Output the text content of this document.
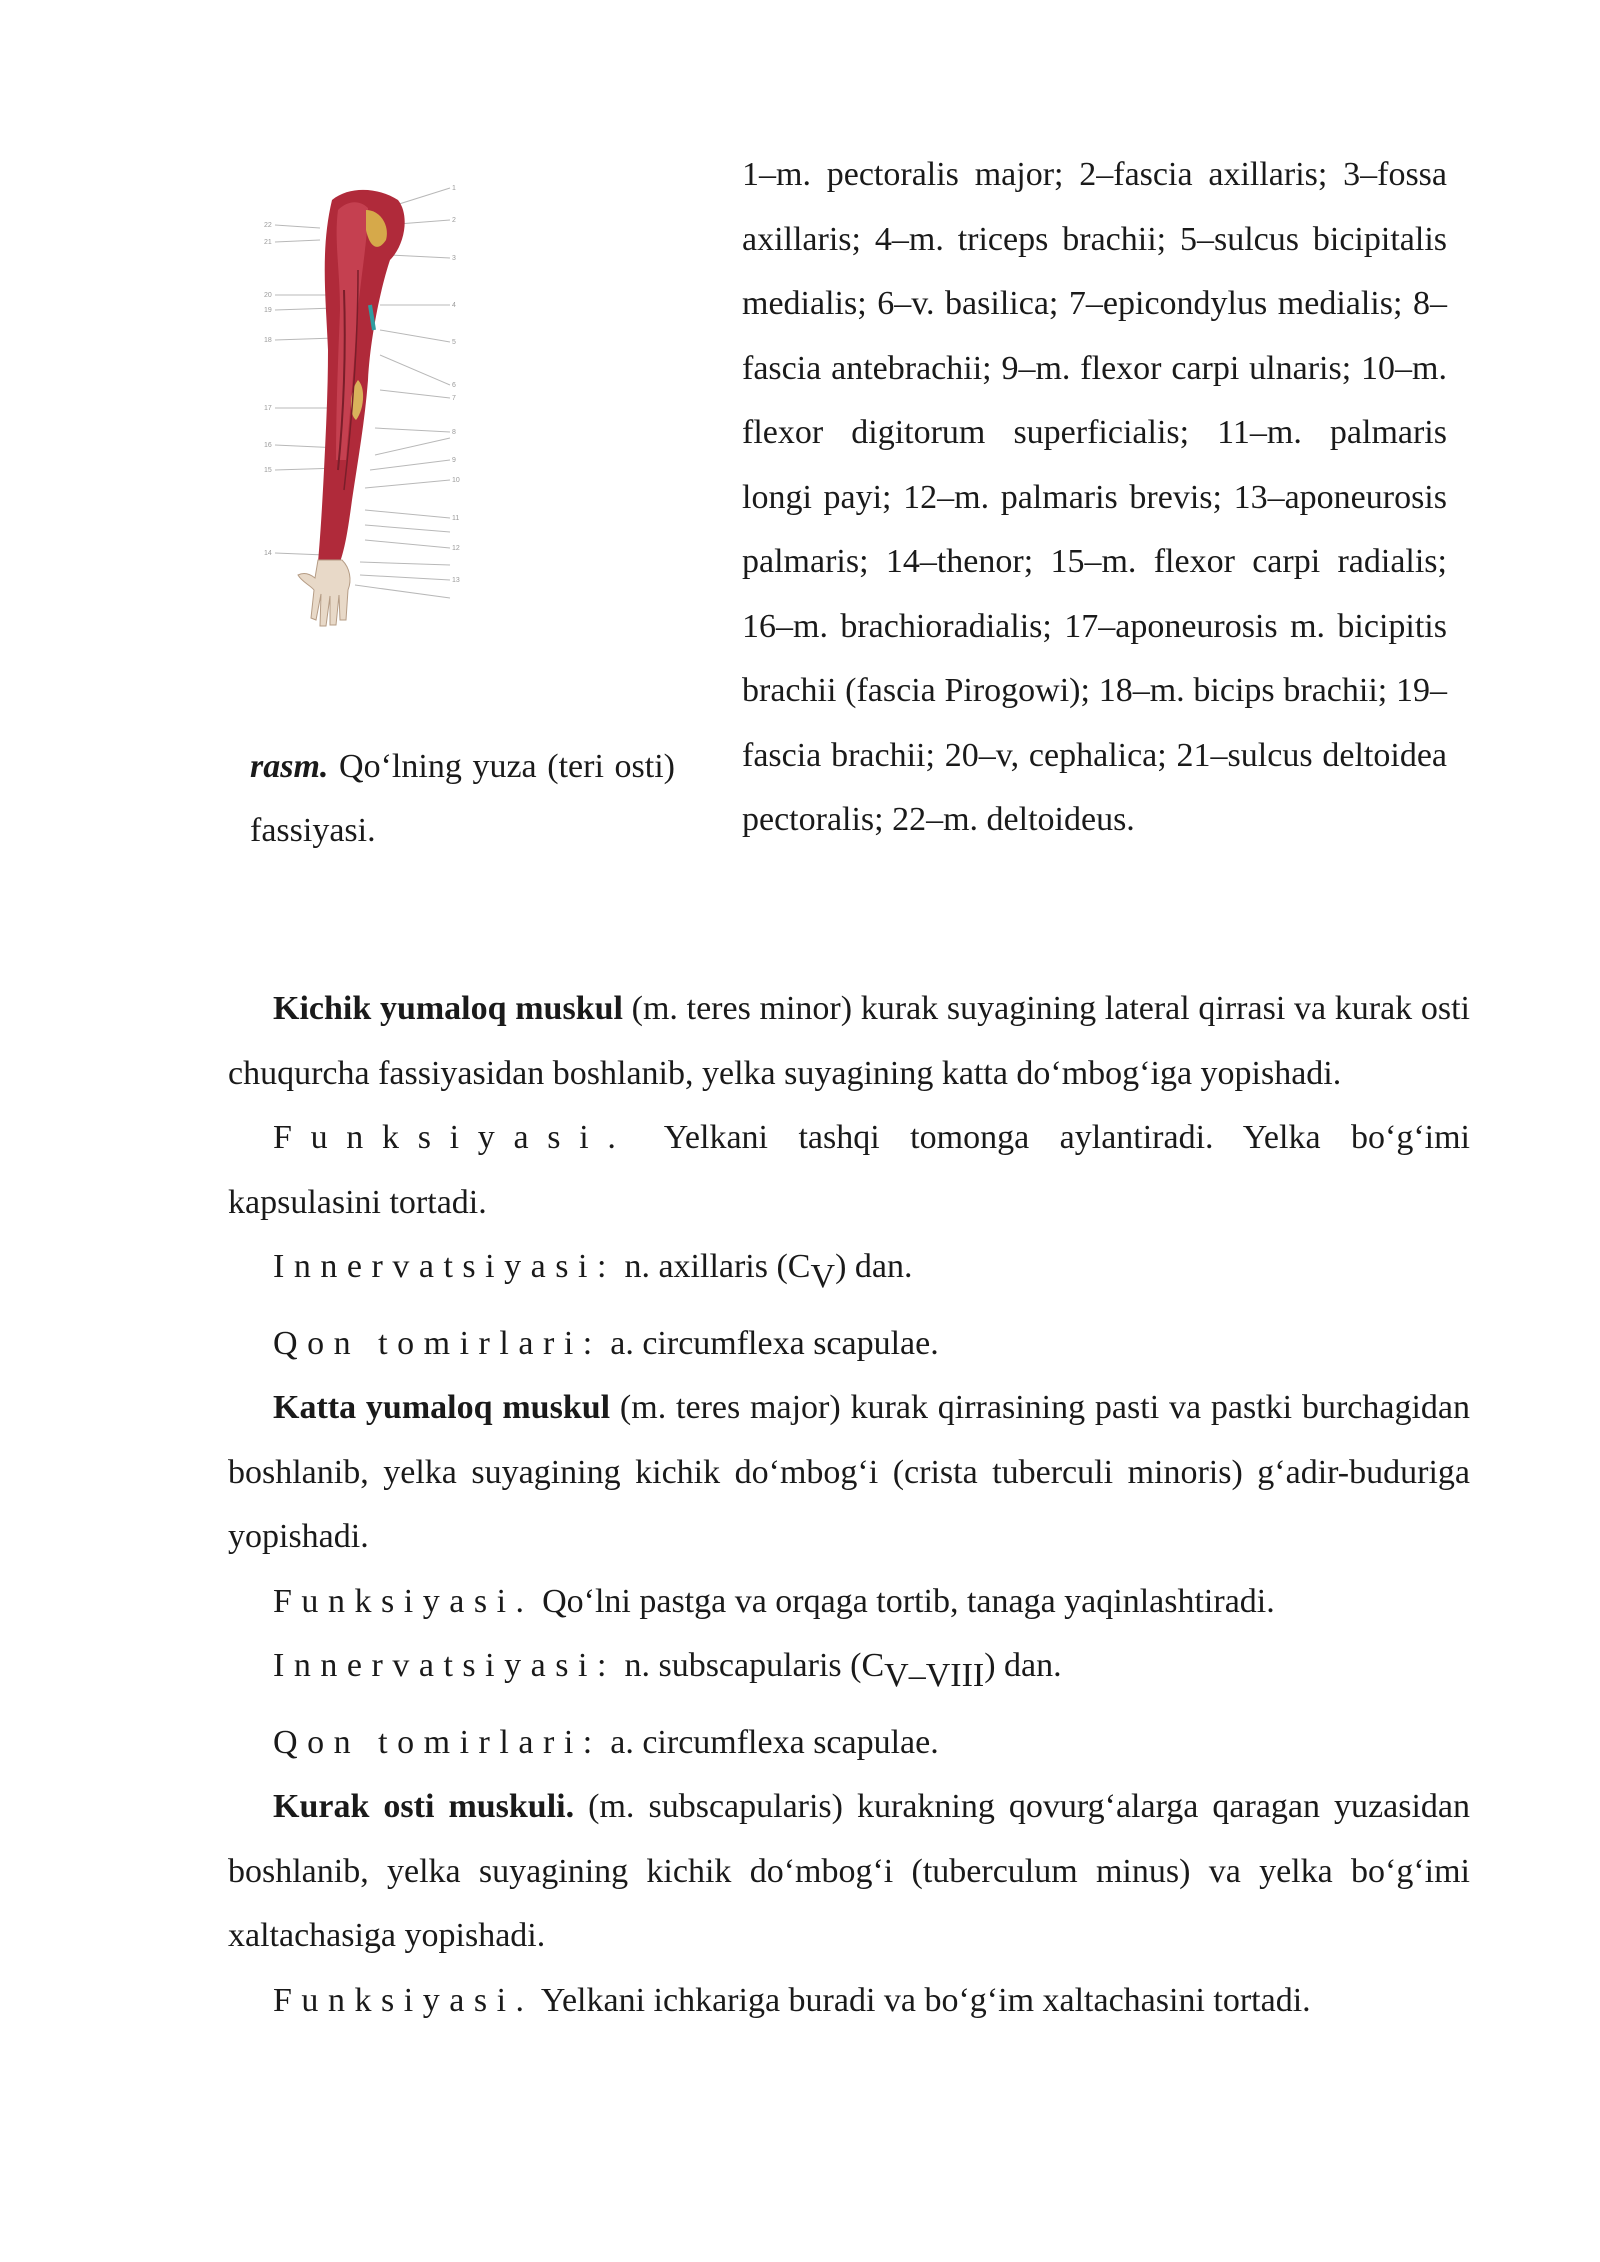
22
21
20
19
18
17
16
15
14
1
2
3
4
5
6
7
8
9
10
11
12
13
rasm. Qo‘lning yuza (teri osti) fassiyasi.
1–m. pectoralis major; 2–fascia axillaris; 3–fossa axillaris; 4–m. triceps brachii; 5–sulcus bicipitalis medialis; 6–v. basilica; 7–epicondylus medialis; 8– fascia antebrachii; 9–m. flexor carpi ulnaris; 10–m. flexor digitorum superficialis; 11–m. palmaris longi payi; 12–m. palmaris brevis; 13–aponeurosis palmaris; 14–thenor; 15–m. flexor carpi radialis; 16–m. brachioradialis; 17–aponeurosis m. bicipitis brachii (fascia Pirogowi); 18–m. bicips brachii; 19–fascia brachii; 20–v, cephalica; 21–sulcus deltoidea pectoralis; 22–m. deltoideus.

Kichik yumaloq muskul (m. teres minor) kurak suyagining lateral qirrasi va kurak osti chuqurcha fassiyasidan boshlanib, yelka suyagining katta do‘mbog‘iga yopishadi.

Funksiyasi. Yelkani tashqi tomonga aylantiradi. Yelka bo‘g‘imi kapsulasini tortadi.

Innervatsiyasi: n. axillaris (CV) dan.

Qon tomirlari: a. circumflexa scapulae.

Katta yumaloq muskul (m. teres major) kurak qirrasining pasti va pastki burchagidan boshlanib, yelka suyagining kichik do‘mbog‘i (crista tuberculi minoris) g‘adir-buduriga yopishadi.

Funksiyasi. Qo‘lni pastga va orqaga tortib, tanaga yaqinlashtiradi.

Innervatsiyasi: n. subscapularis (CV–VIII) dan.

Qon tomirlari: a. circumflexa scapulae.

Kurak osti muskuli. (m. subscapularis) kurakning qovurg‘alarga qaragan yuzasidan boshlanib, yelka suyagining kichik do‘mbog‘i (tuberculum minus) va yelka bo‘g‘imi xaltachasiga yopishadi.

Funksiyasi. Yelkani ichkariga buradi va bo‘g‘im xaltachasini tortadi.
